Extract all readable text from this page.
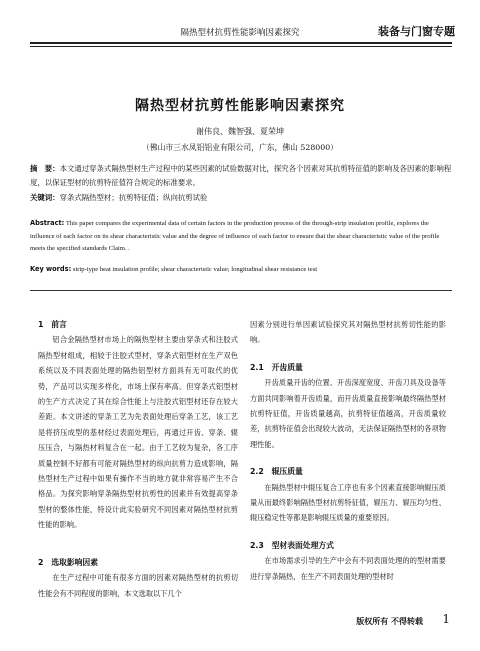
隔热型材抗剪性能影响因素探究	装备与门窗专题
隔热型材抗剪性能影响因素探究
谢伟良、魏智强、夏荣坤
（佛山市三水凤铝铝业有限公司，广东，佛山 528000）
摘　要：本文通过穿条式隔热型材生产过程中的某些因素的试验数据对比，探究各个因素对其抗剪特征值的影响及各因素的影响程度，以保证型材的抗剪特征值符合规定的标准要求。
关键词：穿条式隔热型材；抗剪特征值；纵向抗剪试验
Abstract: This paper compares the experimental data of certain factors in the production process of the through-strip insulation profile, explores the influence of each factor on its shear characteristic value and the degree of influence of each factor to ensure that the shear characteristic value of the profile meets the specified standards Claim. .
Key words: strip-type heat insulation profile; shear characteristic value; longitudinal shear resistance test
1　前言

铝合金隔热型材市场上的隔热型材主要由穿条式和注胶式隔热型材组成，相较于注胶式型材，穿条式铝型材在生产双色系统以及不同表面处理的隔热铝型材方面具有无可取代的优势，产品可以实现多样化，市场上保有率高。但穿条式铝型材的生产方式决定了其在综合性能上与注胶式铝型材还存在较大差距。本文讲述的穿条工艺为先表面处理后穿条工艺，该工艺是将挤压成型的基材经过表面处理后，再通过开齿、穿条、辊压压合，与隔热材料复合在一起。由于工艺较为复杂，各工序质量控制不好都有可能对隔热型材的纵向抗剪力造成影响，隔热型材生产过程中如果有操作不当的地方就非常容易产生不合格品。为探究影响穿条隔热型材抗剪性的因素并有效提高穿条型材的整体性能，特设计此实验研究不同因素对隔热型材抗剪性能的影响。

2　选取影响因素

在生产过程中可能有很多方面的因素对隔热型材的抗剪切性能会有不同程度的影响，本文选取以下几个

因素分别进行单因素试验探究其对隔热型材抗剪切性能的影响。

2.1　开齿质量

开齿质量开齿的位置、开齿深度宽度、开齿刀具及设备等方面共同影响着开齿质量，而开齿质量直接影响最终隔热型材抗剪特征值，开齿质量越高，抗剪特征值越高，开齿质量较差，抗剪特征值会出现较大波动，无法保证隔热型材的各项物理性能。

2.2　辊压质量

在隔热型材中辊压复合工序也有多个因素直接影响辊压质量从而最终影响隔热型材抗剪特征值，辊压力、辊压均匀性、辊压稳定性等都是影响辊压质量的重要原因。

2.3　型材表面处理方式

在市场需求引导的生产中会有不同表面处理的的型材需要进行穿条隔热，在生产不同表面处理的型材时

版权所有 不得转载 1
